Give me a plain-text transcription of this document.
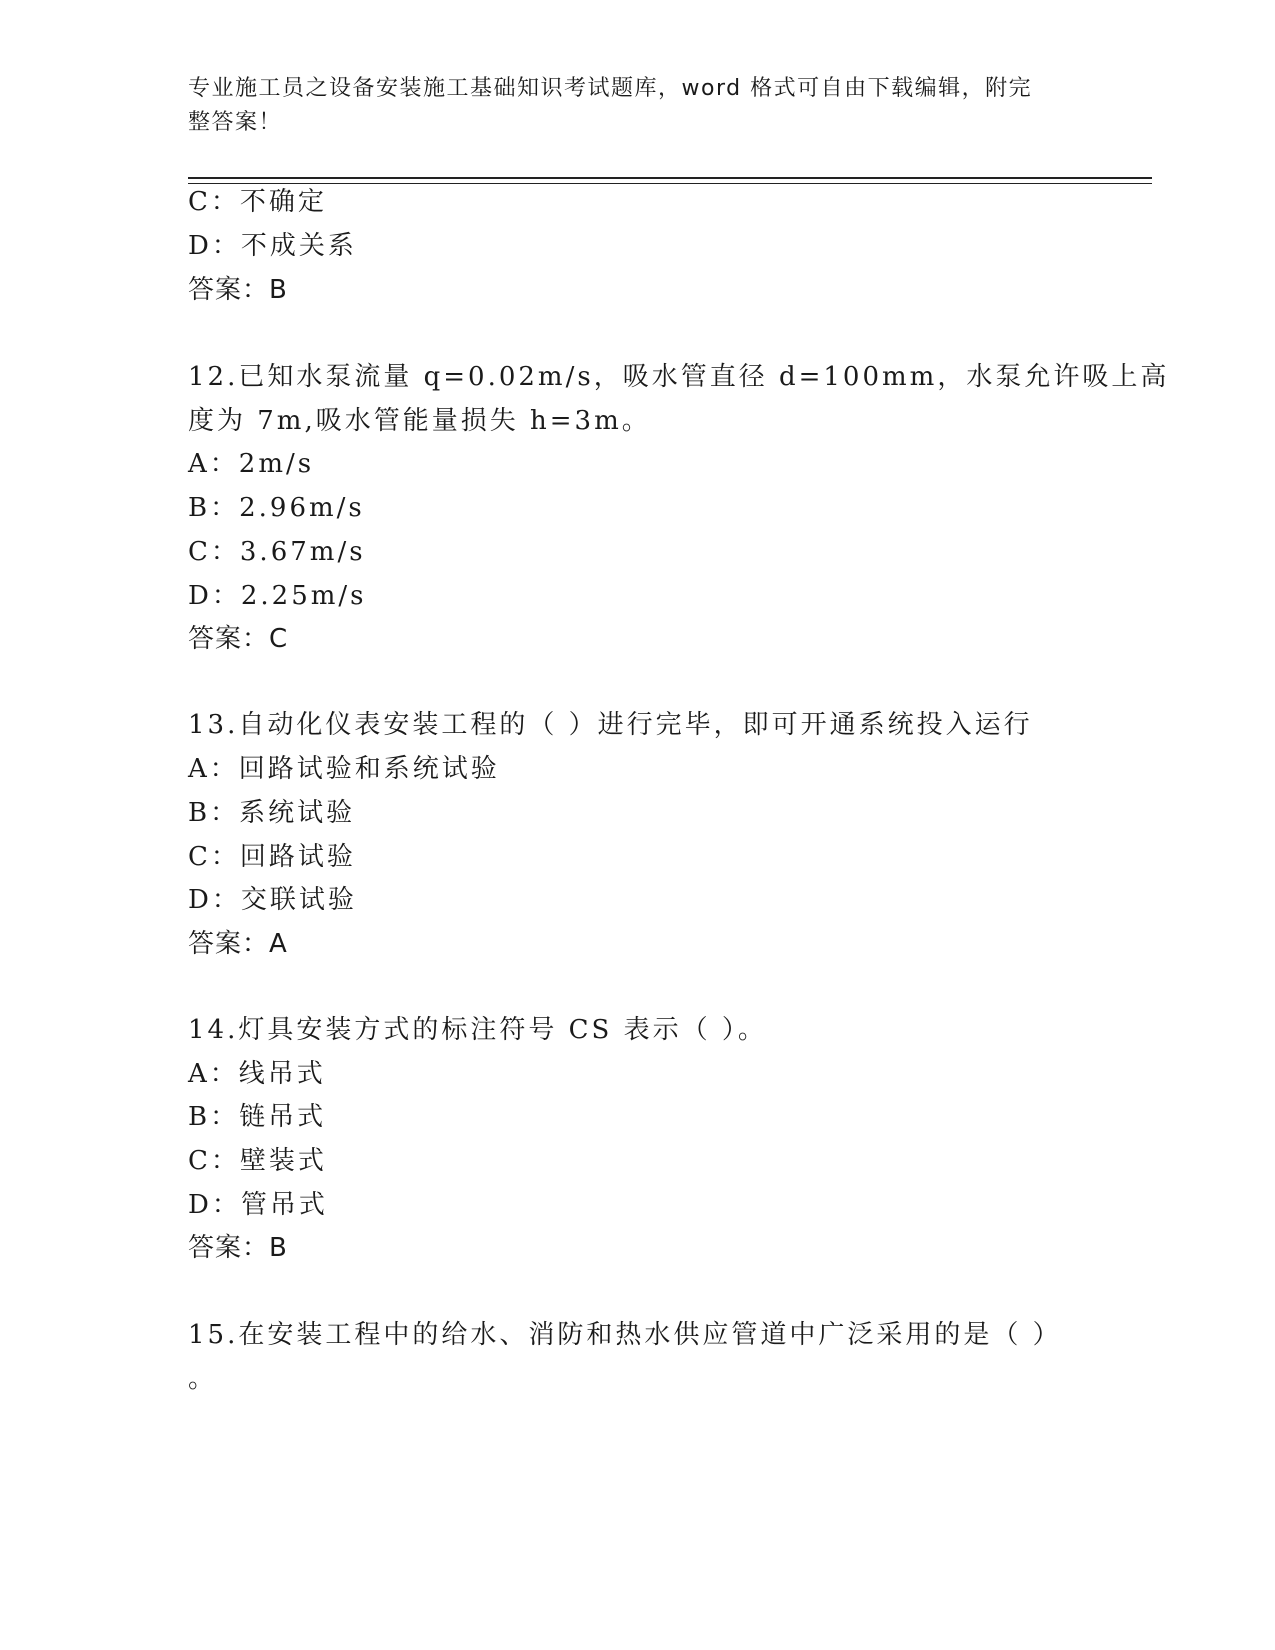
专业施工员之设备安装施工基础知识考试题库，word 格式可自由下载编辑，附完
整答案！
C：不确定
D：不成关系
答案：B
12.已知水泵流量 q=0.02m/s，吸水管直径 d=100mm，水泵允许吸上高
度为 7m,吸水管能量损失 h=3m。
A：2m/s
B：2.96m/s
C：3.67m/s
D：2.25m/s
答案：C
13.自动化仪表安装工程的（ ）进行完毕，即可开通系统投入运行
A：回路试验和系统试验
B：系统试验
C：回路试验
D：交联试验
答案：A
14.灯具安装方式的标注符号 CS 表示（ ）。
A：线吊式
B：链吊式
C：壁装式
D：管吊式
答案：B
15.在安装工程中的给水、消防和热水供应管道中广泛采用的是（ ）
。
